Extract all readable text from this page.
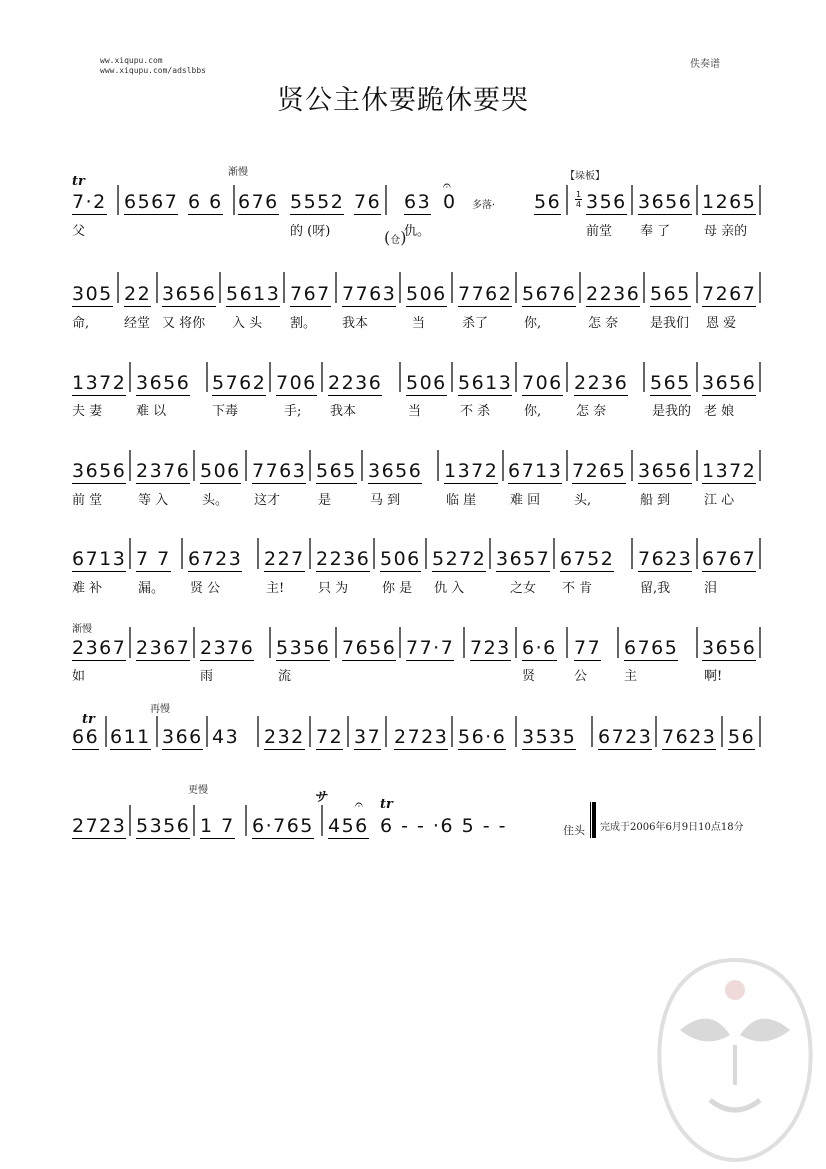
ww.xiqupu.com
www.xiqupu.com/adslbbs
佚奏谱
贤公主休要跪休要哭
渐慢	【垛板】
多落·
(仓)
渐慢
再慢
更慢
住头
tr
tr
tr
サ
𝄐
𝄐
1
4
7·2 6567 6 6 676 5552 76 63 0	56 356 3656 1265
父	的 (呀)	仇。	前堂 奉 了	母 亲的
305 22 3656 5613 767 7763 506 7762 5676 2236 565 7267
命,	经堂 又 将你 入 头 割。 我本	当	杀了	你,	怎 奈 是我们 恩 爱
1372 3656 5762 706 2236 506 5613 706 2236 565 3656
夫 妻	难 以	下毒	手; 我本	当	不 杀	你,	怎 奈	是我的 老 娘
3656 2376 506 7763 565 3656 1372 6713 7265 3656 1372
前 堂	等 入	头。 这才	是	马 到	临 崖	难 回	头,	船 到	江 心
6713 7 7 6723 227 2236 506 5272 3657 6752 7623 6767
难 补	漏。 贤 公	主!	只 为	你 是 仇 入	之女 不 肯	留,我	泪
2367 2367 2376 5356 7656 77·7 723 6·6 77 6765 3656
如	雨	流	贤	公	主	啊!
66 611 366 43 232 72 37 2723 56·6 3535 6723 7623 56
2723 5356 1 7 6·765 456 6 - - ·6 5 - -	完成于2006年6月9日10点18分
